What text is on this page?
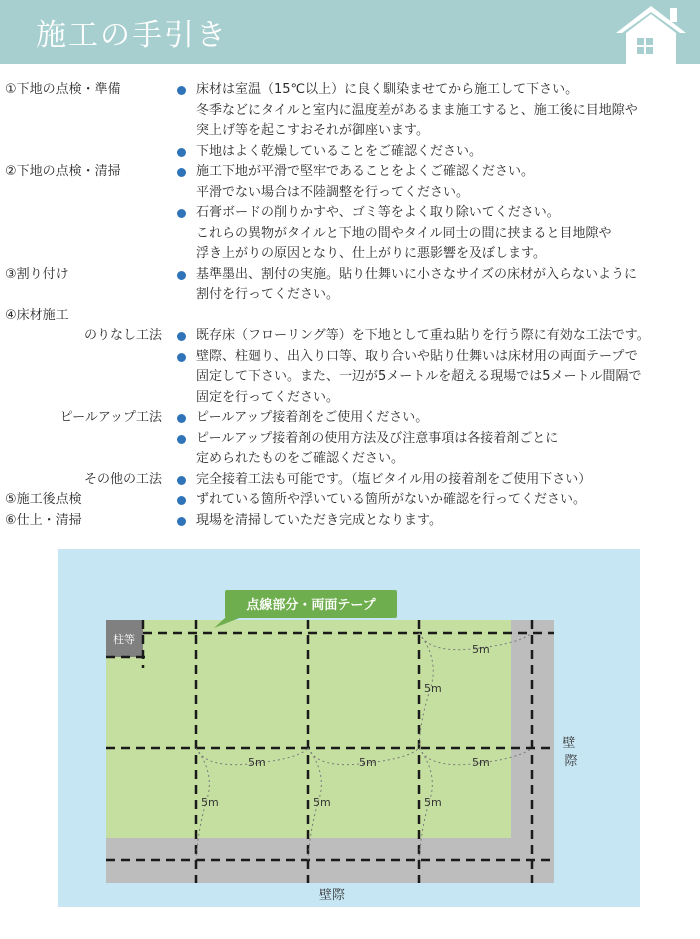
施工の手引き
①下地の点検・準備	床材は室温（15℃以上）に良く馴染ませてから施工して下さい。
冬季などにタイルと室内に温度差があるまま施工すると、施工後に目地隙や
突上げ等を起こすおそれが御座います。
下地はよく乾燥していることをご確認ください。
②下地の点検・清掃	施工下地が平滑で堅牢であることをよくご確認ください。
平滑でない場合は不陸調整を行ってください。
石膏ボードの削りかすや、ゴミ等をよく取り除いてください。
これらの異物がタイルと下地の間やタイル同士の間に挟まると目地隙や
浮き上がりの原因となり、仕上がりに悪影響を及ぼします。
③割り付け	基準墨出、割付の実施。貼り仕舞いに小さなサイズの床材が入らないように
割付を行ってください。
④床材施工
のりなし工法	既存床（フローリング等）を下地として重ね貼りを行う際に有効な工法です。
壁際、柱廻り、出入り口等、取り合いや貼り仕舞いは床材用の両面テープで
固定して下さい。また、一辺が5メートルを超える現場では5メートル間隔で
固定を行ってください。
ピールアップ工法	ピールアップ接着剤をご使用ください。
ピールアップ接着剤の使用方法及び注意事項は各接着剤ごとに
定められたものをご確認ください。
その他の工法	完全接着工法も可能です。（塩ビタイル用の接着剤をご使用下さい）
⑤施工後点検	ずれている箇所や浮いている箇所がないか確認を行ってください。
⑥仕上・清掃	現場を清掃していただき完成となります。
柱等
5m
5m
5m	5m	5m
5m	5m	5m
点線部分・両面テープ
壁 際
壁際
